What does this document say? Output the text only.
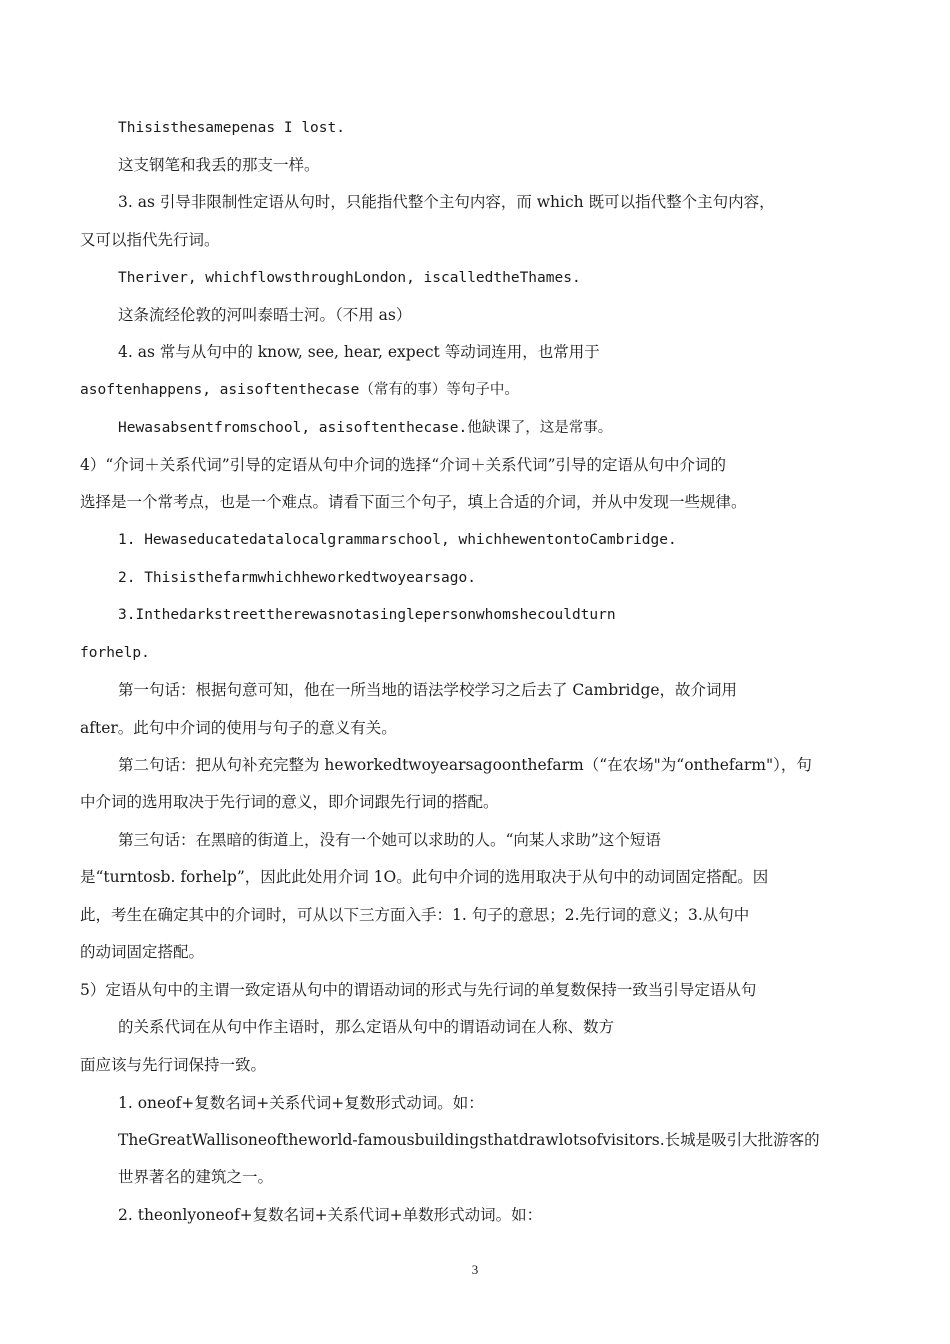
Thisisthesamepenas I lost.
这支钢笔和我丢的那支一样。
3. as 引导非限制性定语从句时，只能指代整个主句内容，而 which 既可以指代整个主句内容，
又可以指代先行词。
Theriver, whichflowsthroughLondon, iscalledtheThames.
这条流经伦敦的河叫泰晤士河。（不用 as）
4. as 常与从句中的 know, see, hear, expect 等动词连用，也常用于
asoftenhappens, asisoftenthecase（常有的事）等句子中。
Hewasabsentfromschool, asisoftenthecase.他缺课了，这是常事。
4）“介词＋关系代词”引导的定语从句中介词的选择“介词＋关系代词”引导的定语从句中介词的
选择是一个常考点，也是一个难点。请看下面三个句子，填上合适的介词，并从中发现一些规律。
1. Hewaseducatedatalocalgrammarschool, whichhewentontoCambridge.
2. Thisisthefarmwhichheworkedtwoyearsago.
3.Inthedarkstreettherewasnotasinglepersonwhomshecouldturn
forhelp.
第一句话：根据句意可知，他在一所当地的语法学校学习之后去了 Cambridge，故介词用
after。此句中介词的使用与句子的意义有关。
第二句话：把从句补充完整为 heworkedtwoyearsagoonthefarm（“在农场"为“onthefarm"），句
中介词的选用取决于先行词的意义，即介词跟先行词的搭配。
第三句话：在黑暗的街道上，没有一个她可以求助的人。“向某人求助”这个短语
是“turntosb. forhelp”，因此此处用介词 1O。此句中介词的选用取决于从句中的动词固定搭配。因
此，考生在确定其中的介词时，可从以下三方面入手：1. 句子的意思；2.先行词的意义；3.从句中
的动词固定搭配。
5）定语从句中的主谓一致定语从句中的谓语动词的形式与先行词的单复数保持一致当引导定语从句
的关系代词在从句中作主语时，那么定语从句中的谓语动词在人称、数方
面应该与先行词保持一致。
1. oneof+复数名词+关系代词+复数形式动词。如：
TheGreatWallisoneoftheworld-famousbuildingsthatdrawlotsofvisitors.长城是吸引大批游客的
世界著名的建筑之一。
2. theonlyoneof+复数名词+关系代词+单数形式动词。如：
3
